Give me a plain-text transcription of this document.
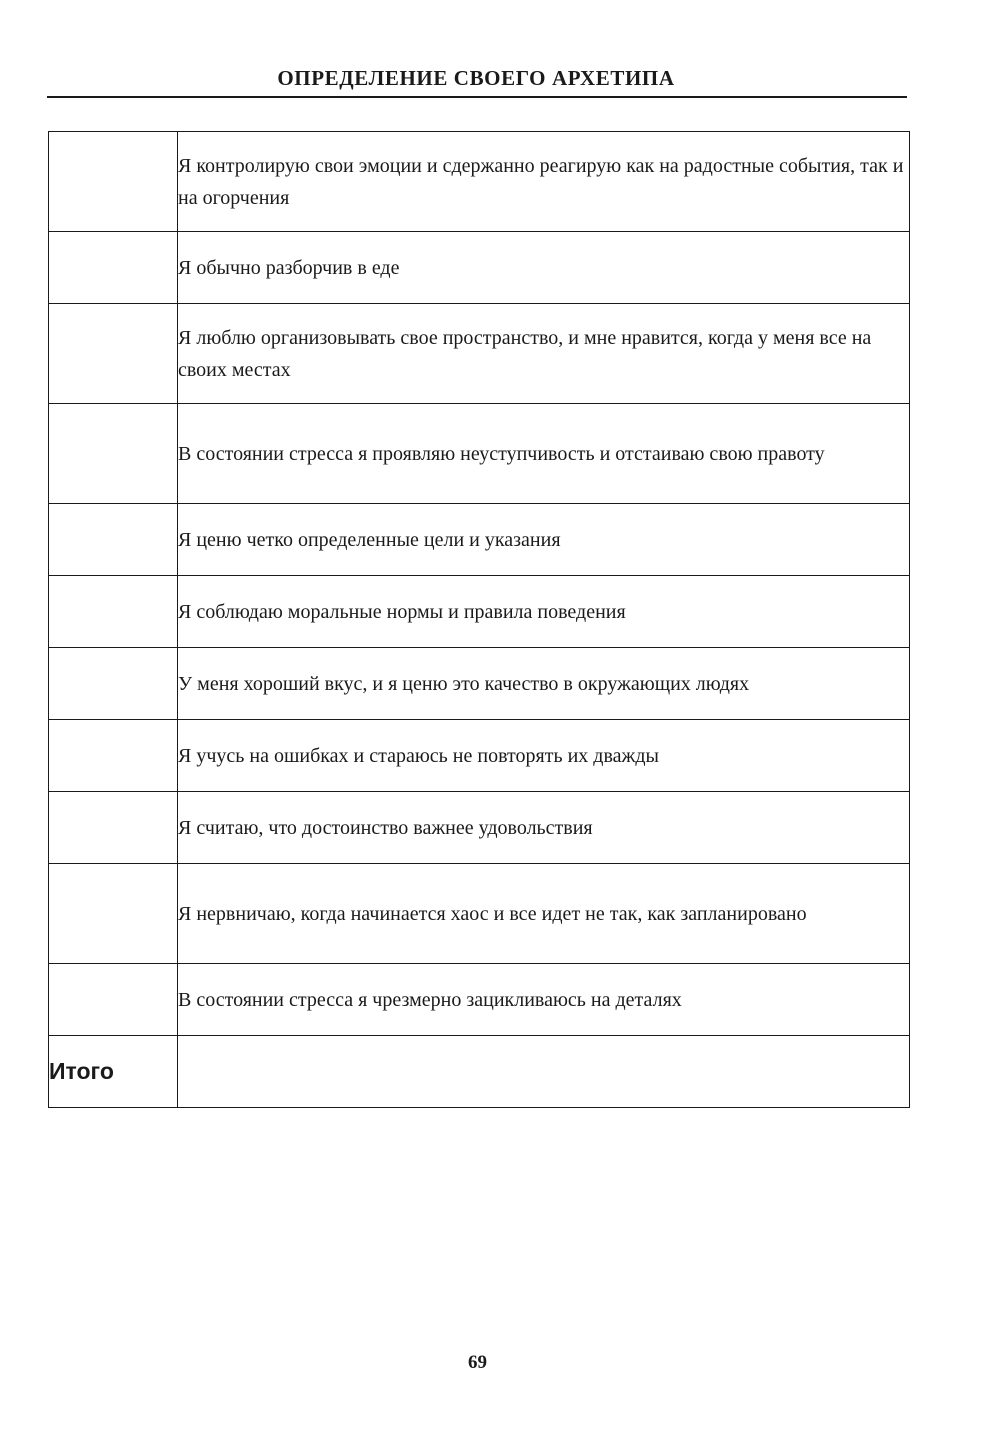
ОПРЕДЕЛЕНИЕ СВОЕГО АРХЕТИПА
	Я контролирую свои эмоции и сдержанно реагирую как на радостные события, так и на огорчения
	Я обычно разборчив в еде
	Я люблю организовывать свое пространство, и мне нравится, когда у меня все на своих местах
	В состоянии стресса я проявляю неуступчивость и отстаиваю свою правоту
	Я ценю четко определенные цели и указания
	Я соблюдаю моральные нормы и правила поведения
	У меня хороший вкус, и я ценю это качество в окружающих людях
	Я учусь на ошибках и стараюсь не повторять их дважды
	Я считаю, что достоинство важнее удовольствия
	Я нервничаю, когда начинается хаос и все идет не так, как запланировано
	В состоянии стресса я чрезмерно зацикливаюсь на деталях
Итого	
69
